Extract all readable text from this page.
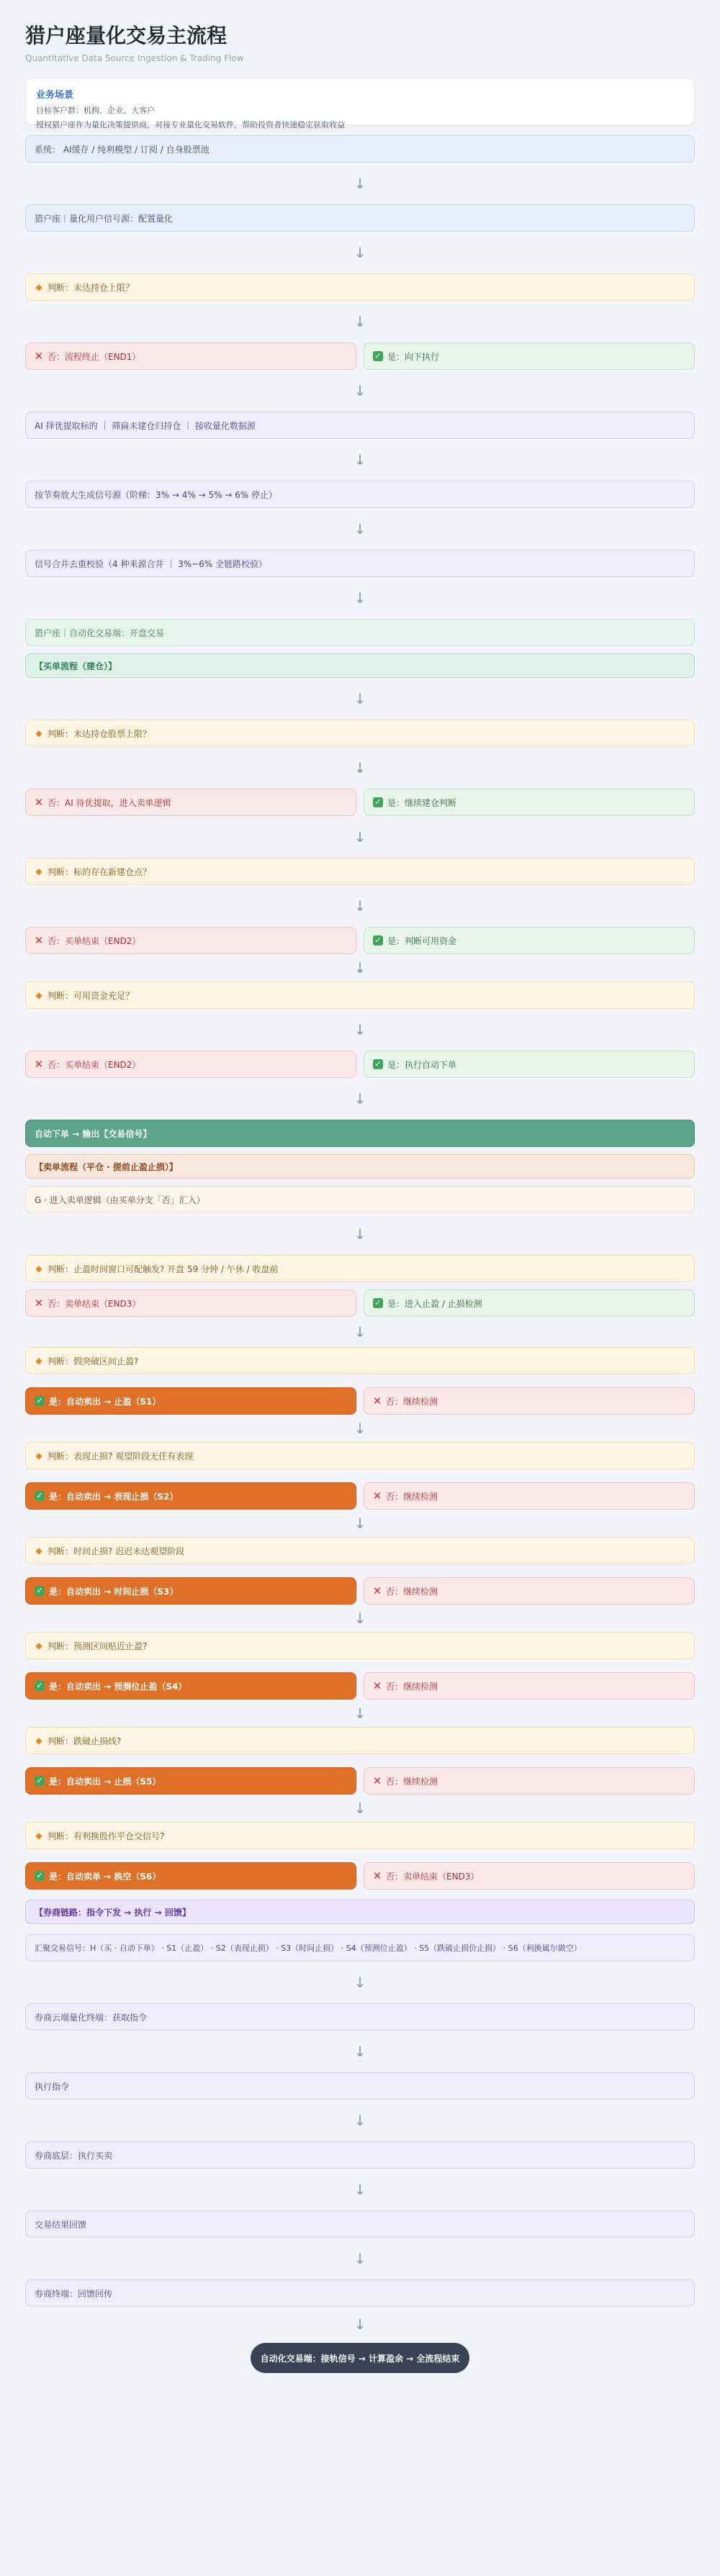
猎户座量化交易主流程
Quantitative Data Source Ingestion & Trading Flow
业务场景
目标客户群：机构、企业、大客户
授权猎户座作为量化决策提供商，对接专业量化交易软件，帮助投资者快速稳定获取收益
系统： AI缓存 / 纯利模型 / 订阅 / 自身股票池
↓
猎户座｜量化用户信号源：配置量化
↓
◆ 判断：未达持仓上限？
↓
✕ 否：流程终止（END1）	✓ 是：向下执行
↓
AI 择优提取标的 ｜ 筛扁未建仓归持仓 ｜ 接收量化数据源
↓
按节奏放大生成信号源（阶梯：3% → 4% → 5% → 6% 停止）
↓
信号合并去重校验（4 种来源合并 ｜ 3%~6% 全链路校验）
↓
猎户座｜自动化交易端：开盘交易
【买单流程（建仓）】
↓
◆ 判断：未达持仓股票上限？
↓
✕ 否：AI 待优提取，进入卖单逻辑	✓ 是：继续建仓判断
↓
◆ 判断：标的存在新建仓点？
↓
✕ 否：买单结束（END2）	✓ 是：判断可用资金
↓
◆ 判断：可用资金充足？
↓
✕ 否：买单结束（END2）	✓ 是：执行自动下单
↓
自动下单 → 输出【交易信号】
【卖单流程（平仓 · 提前止盈止损）】
G · 进入卖单逻辑（由买单分支「否」汇入）
↓
◆ 判断：止盈时间窗口可配触发? 开盘 59 分钟 / 午休 / 收盘前
✕ 否：卖单结束（END3）	✓ 是：进入止盈 / 止损检测
↓
◆ 判断：假突破区间止盈?
✓ 是：自动卖出 → 止盈（S1）	✕ 否：继续检测
↓
◆ 判断：表现止损? 观望阶段无任有表现
✓ 是：自动卖出 → 表现止损（S2）	✕ 否：继续检测
↓
◆ 判断：时间止损? 迟迟未达观望阶段
✓ 是：自动卖出 → 时间止损（S3）	✕ 否：继续检测
↓
◆ 判断：预测区间贴近止盈?
✓ 是：自动卖出 → 预测位止盈（S4）	✕ 否：继续检测
↓
◆ 判断：跌破止损线?
✓ 是：自动卖出 → 止损（S5）	✕ 否：继续检测
↓
◆ 判断：有利换股作平仓交信号?
✓ 是：自动卖单 → 换空（S6）	✕ 否：卖单结束（END3）
【券商链路：指令下发 → 执行 → 回馈】
汇聚交易信号：H（买 · 自动下单） · S1（止盈） · S2（表现止损） · S3（时间止损） · S4（预测位止盈） · S5（跌破止损价止损） · S6（利换属尔做空）
↓
券商云端量化终端：获取指令
↓
执行指令
↓
券商底层：执行买卖
↓
交易结果回馈
↓
券商终端：回馈回传
↓
自动化交易端：接轨信号 → 计算盈余 → 全流程结束
